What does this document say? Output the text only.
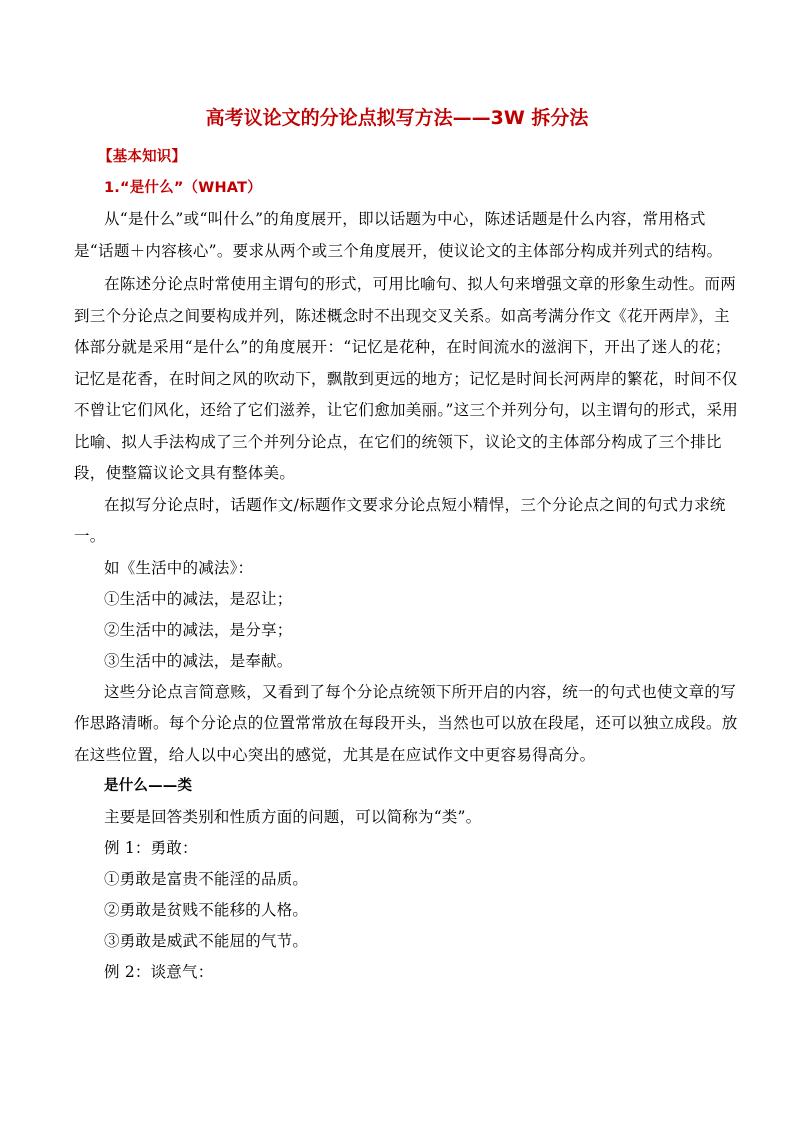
高考议论文的分论点拟写方法——3W 拆分法

【基本知识】

1.“是什么”（WHAT）

从“是什么”或“叫什么”的角度展开，即以话题为中心，陈述话题是什么内容，常用格式是“话题＋内容核心”。要求从两个或三个角度展开，使议论文的主体部分构成并列式的结构。

在陈述分论点时常使用主谓句的形式，可用比喻句、拟人句来增强文章的形象生动性。而两到三个分论点之间要构成并列，陈述概念时不出现交叉关系。如高考满分作文《花开两岸》，主体部分就是采用“是什么”的角度展开：“记忆是花种，在时间流水的滋润下，开出了迷人的花；记忆是花香，在时间之风的吹动下，飘散到更远的地方；记忆是时间长河两岸的繁花，时间不仅不曾让它们风化，还给了它们滋养，让它们愈加美丽。”这三个并列分句，以主谓句的形式，采用比喻、拟人手法构成了三个并列分论点，在它们的统领下，议论文的主体部分构成了三个排比段，使整篇议论文具有整体美。

在拟写分论点时，话题作文/标题作文要求分论点短小精悍，三个分论点之间的句式力求统一。

如《生活中的减法》：

①生活中的减法，是忍让；

②生活中的减法，是分享；

③生活中的减法，是奉献。

这些分论点言简意赅，又看到了每个分论点统领下所开启的内容，统一的句式也使文章的写作思路清晰。每个分论点的位置常常放在每段开头，当然也可以放在段尾，还可以独立成段。放在这些位置，给人以中心突出的感觉，尤其是在应试作文中更容易得高分。

是什么——类

主要是回答类别和性质方面的问题，可以简称为“类”。

例 1：勇敢：

①勇敢是富贵不能淫的品质。

②勇敢是贫贱不能移的人格。

③勇敢是威武不能屈的气节。

例 2：谈意气：
